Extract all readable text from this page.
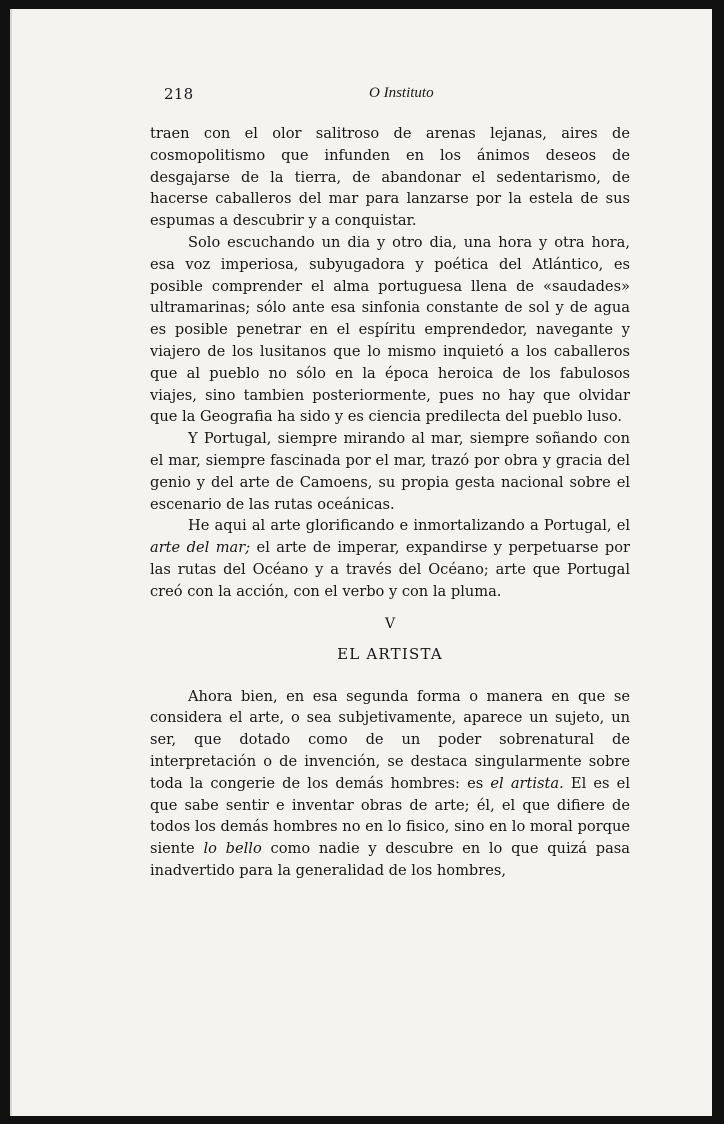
218	O Instituto

traen con el olor salitroso de arenas lejanas, aires de cosmopolitismo que infunden en los ánimos deseos de desgajarse de la tierra, de abandonar el sedentarismo, de hacerse caballeros del mar para lanzarse por la estela de sus espumas a descubrir y a conquistar.

Solo escuchando un dia y otro dia, una hora y otra hora, esa voz imperiosa, subyugadora y poética del Atlántico, es posible comprender el alma portuguesa llena de «saudades» ultramarinas; sólo ante esa sinfonia constante de sol y de agua es posible penetrar en el espíritu emprendedor, navegante y viajero de los lusitanos que lo mismo inquietó a los caballeros que al pueblo no sólo en la época heroica de los fabulosos viajes, sino tambien posteriormente, pues no hay que olvidar que la Geografia ha sido y es ciencia predilecta del pueblo luso.

Y Portugal, siempre mirando al mar, siempre soñando con el mar, siempre fascinada por el mar, trazó por obra y gracia del genio y del arte de Camoens, su propia gesta nacional sobre el escenario de las rutas oceánicas.

He aqui al arte glorificando e inmortalizando a Portugal, el arte del mar; el arte de imperar, expandirse y perpetuarse por las rutas del Océano y a través del Océano; arte que Portugal creó con la acción, con el verbo y con la pluma.

V
EL ARTISTA

Ahora bien, en esa segunda forma o manera en que se considera el arte, o sea subjetivamente, aparece un sujeto, un ser, que dotado como de un poder sobrenatural de interpretación o de invención, se destaca singularmente sobre toda la congerie de los demás hombres: es el artista. El es el que sabe sentir e inventar obras de arte; él, el que difiere de todos los demás hombres no en lo fisico, sino en lo moral porque siente lo bello como nadie y descubre en lo que quizá pasa inadvertido para la generalidad de los hombres,
